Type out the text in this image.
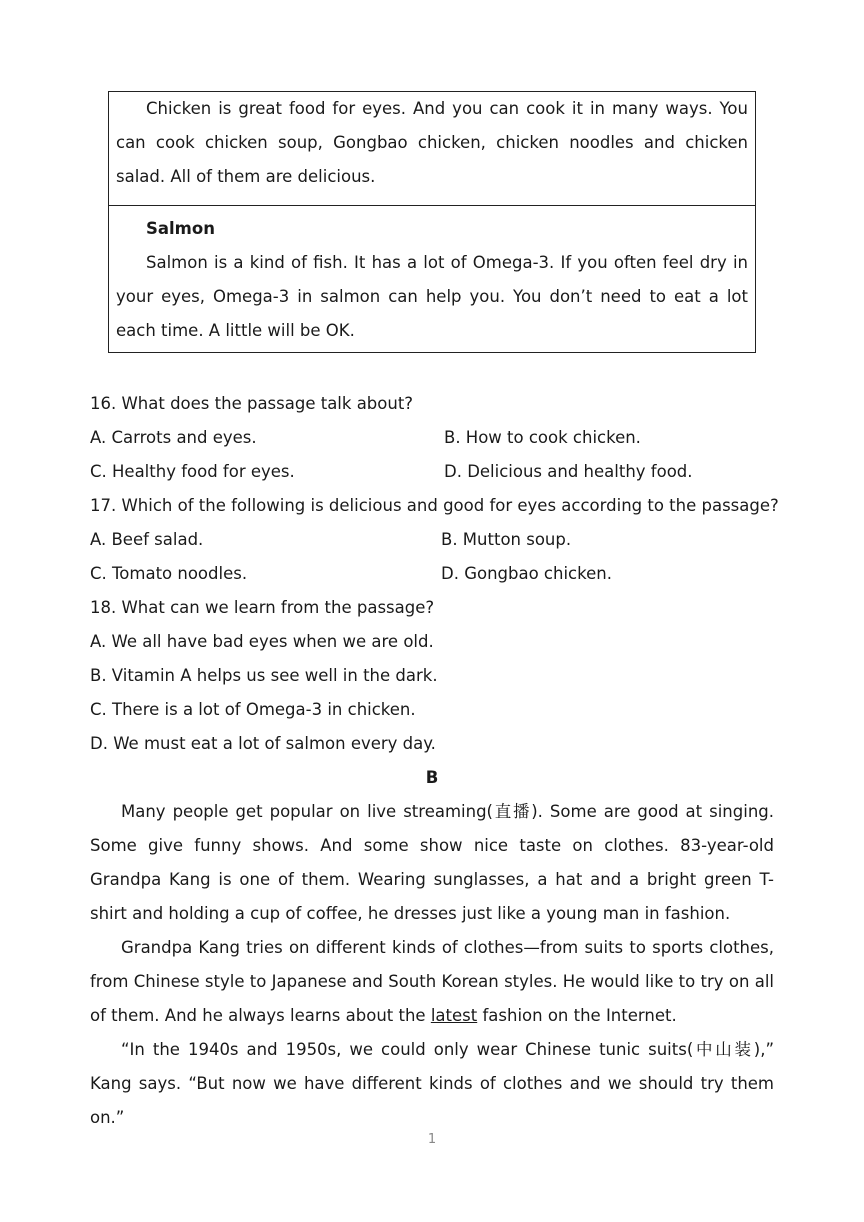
Chicken is great food for eyes. And you can cook it in many ways. You can cook chicken soup, Gongbao chicken, chicken noodles and chicken salad. All of them are delicious.

Salmon

Salmon is a kind of fish. It has a lot of Omega-3. If you often feel dry in your eyes, Omega-3 in salmon can help you. You don’t need to eat a lot each time. A little will be OK.

16. What does the passage talk about?
A. Carrots and eyes.	B. How to cook chicken.
C. Healthy food for eyes.	D. Delicious and healthy food.
17. Which of the following is delicious and good for eyes according to the passage?
A. Beef salad.	B. Mutton soup.
C. Tomato noodles.	D. Gongbao chicken.
18. What can we learn from the passage?
A. We all have bad eyes when we are old.
B. Vitamin A helps us see well in the dark.
C. There is a lot of Omega-3 in chicken.
D. We must eat a lot of salmon every day.
B

Many people get popular on live streaming(直播). Some are good at singing. Some give funny shows. And some show nice taste on clothes. 83-year-old Grandpa Kang is one of them. Wearing sunglasses, a hat and a bright green T-shirt and holding a cup of coffee, he dresses just like a young man in fashion.

Grandpa Kang tries on different kinds of clothes—from suits to sports clothes, from Chinese style to Japanese and South Korean styles. He would like to try on all of them. And he always learns about the latest fashion on the Internet.

“In the 1940s and 1950s, we could only wear Chinese tunic suits(中山装),” Kang says. “But now we have different kinds of clothes and we should try them on.”

1
